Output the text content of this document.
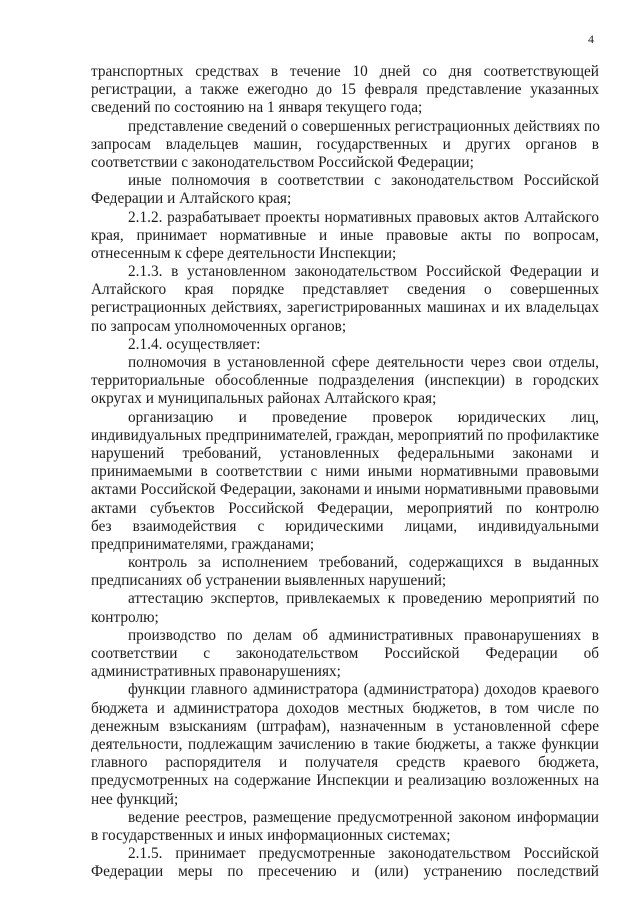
4
транспортных средствах в течение 10 дней со дня соответствующей
регистрации, а также ежегодно до 15 февраля представление указанных
сведений по состоянию на 1 января текущего года;
представление сведений о совершенных регистрационных действиях по
запросам владельцев машин, государственных и других органов в
соответствии с законодательством Российской Федерации;
иные полномочия в соответствии с законодательством Российской
Федерации и Алтайского края;
2.1.2. разрабатывает проекты нормативных правовых актов Алтайского
края, принимает нормативные и иные правовые акты по вопросам,
отнесенным к сфере деятельности Инспекции;
2.1.3. в установленном законодательством Российской Федерации и
Алтайского края порядке представляет сведения о совершенных
регистрационных действиях, зарегистрированных машинах и их владельцах
по запросам уполномоченных органов;
2.1.4. осуществляет:
полномочия в установленной сфере деятельности через свои отделы,
территориальные обособленные подразделения (инспекции) в городских
округах и муниципальных районах Алтайского края;
организацию и проведение проверок юридических лиц,
индивидуальных предпринимателей, граждан, мероприятий по профилактике
нарушений требований, установленных федеральными законами и
принимаемыми в соответствии с ними иными нормативными правовыми
актами Российской Федерации, законами и иными нормативными правовыми
актами субъектов Российской Федерации, мероприятий по контролю
без взаимодействия с юридическими лицами, индивидуальными
предпринимателями, гражданами;
контроль за исполнением требований, содержащихся в выданных
предписаниях об устранении выявленных нарушений;
аттестацию экспертов, привлекаемых к проведению мероприятий по
контролю;
производство по делам об административных правонарушениях в
соответствии с законодательством Российской Федерации об
административных правонарушениях;
функции главного администратора (администратора) доходов краевого
бюджета и администратора доходов местных бюджетов, в том числе по
денежным взысканиям (штрафам), назначенным в установленной сфере
деятельности, подлежащим зачислению в такие бюджеты, а также функции
главного распорядителя и получателя средств краевого бюджета,
предусмотренных на содержание Инспекции и реализацию возложенных на
нее функций;
ведение реестров, размещение предусмотренной законом информации
в государственных и иных информационных системах;
2.1.5. принимает предусмотренные законодательством Российской
Федерации меры по пресечению и (или) устранению последствий
